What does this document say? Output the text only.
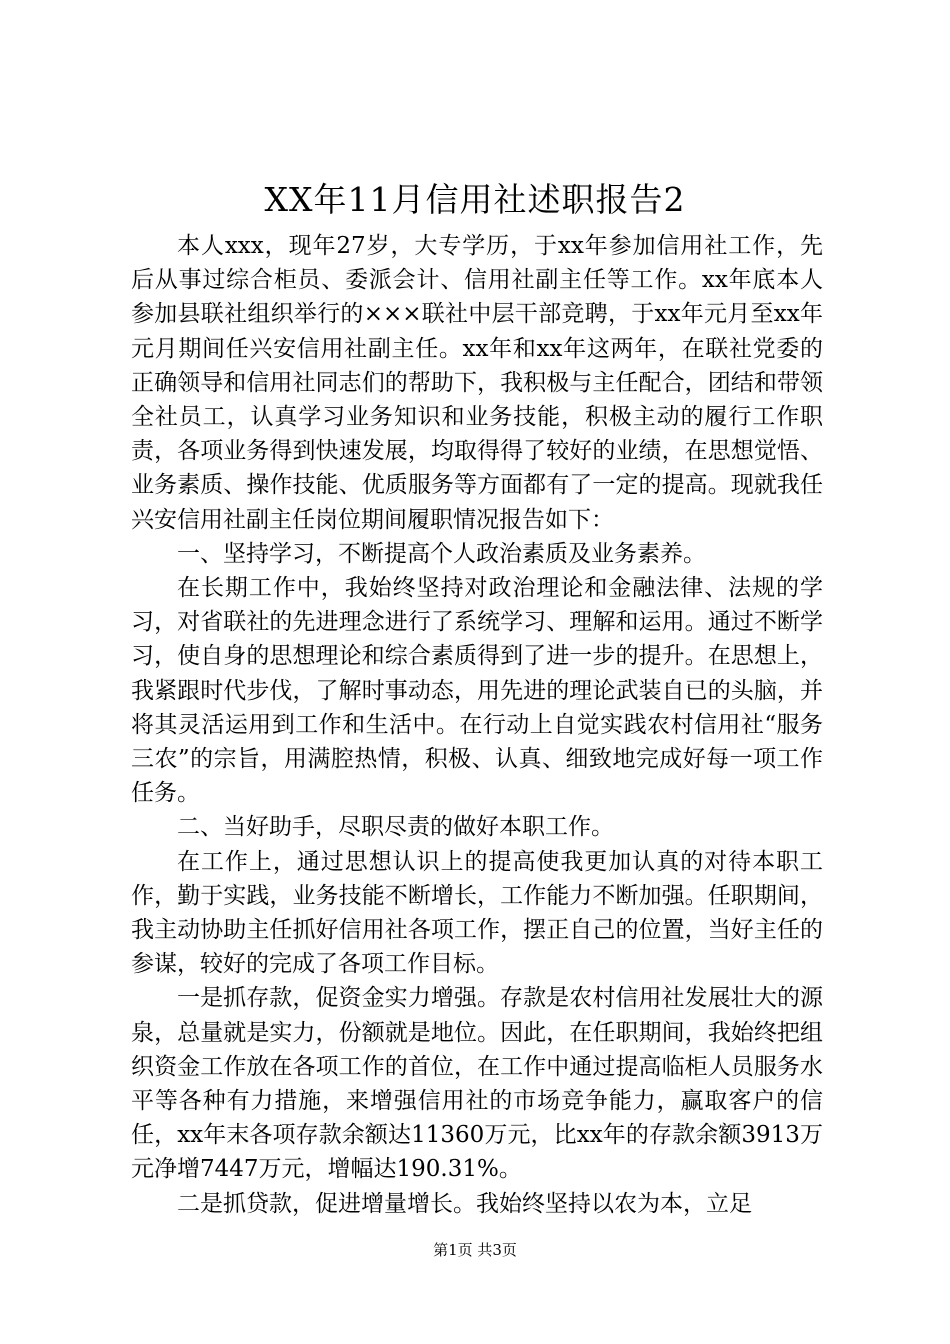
XX年11月信用社述职报告2

本人xxx，现年27岁，大专学历，于xx年参加信用社工作，先后从事过综合柜员、委派会计、信用社副主任等工作。xx年底本人参加县联社组织举行的×××联社中层干部竞聘，于xx年元月至xx年元月期间任兴安信用社副主任。xx年和xx年这两年，在联社党委的正确领导和信用社同志们的帮助下，我积极与主任配合，团结和带领全社员工，认真学习业务知识和业务技能，积极主动的履行工作职责，各项业务得到快速发展，均取得得了较好的业绩，在思想觉悟、业务素质、操作技能、优质服务等方面都有了一定的提高。现就我任兴安信用社副主任岗位期间履职情况报告如下：

一、坚持学习，不断提高个人政治素质及业务素养。

在长期工作中，我始终坚持对政治理论和金融法律、法规的学习，对省联社的先进理念进行了系统学习、理解和运用。通过不断学习，使自身的思想理论和综合素质得到了进一步的提升。在思想上，我紧跟时代步伐，了解时事动态，用先进的理论武装自已的头脑，并将其灵活运用到工作和生活中。在行动上自觉实践农村信用社“服务三农”的宗旨，用满腔热情，积极、认真、细致地完成好每一项工作任务。

二、当好助手，尽职尽责的做好本职工作。

在工作上，通过思想认识上的提高使我更加认真的对待本职工作，勤于实践，业务技能不断增长，工作能力不断加强。任职期间，我主动协助主任抓好信用社各项工作，摆正自己的位置，当好主任的参谋，较好的完成了各项工作目标。

一是抓存款，促资金实力增强。存款是农村信用社发展壮大的源泉，总量就是实力，份额就是地位。因此，在任职期间，我始终把组织资金工作放在各项工作的首位，在工作中通过提高临柜人员服务水平等各种有力措施，来增强信用社的市场竞争能力，赢取客户的信任，xx年末各项存款余额达11360万元，比xx年的存款余额3913万元净增7447万元，增幅达190.31%。

二是抓贷款，促进增量增长。我始终坚持以农为本，立足

第1页 共3页
